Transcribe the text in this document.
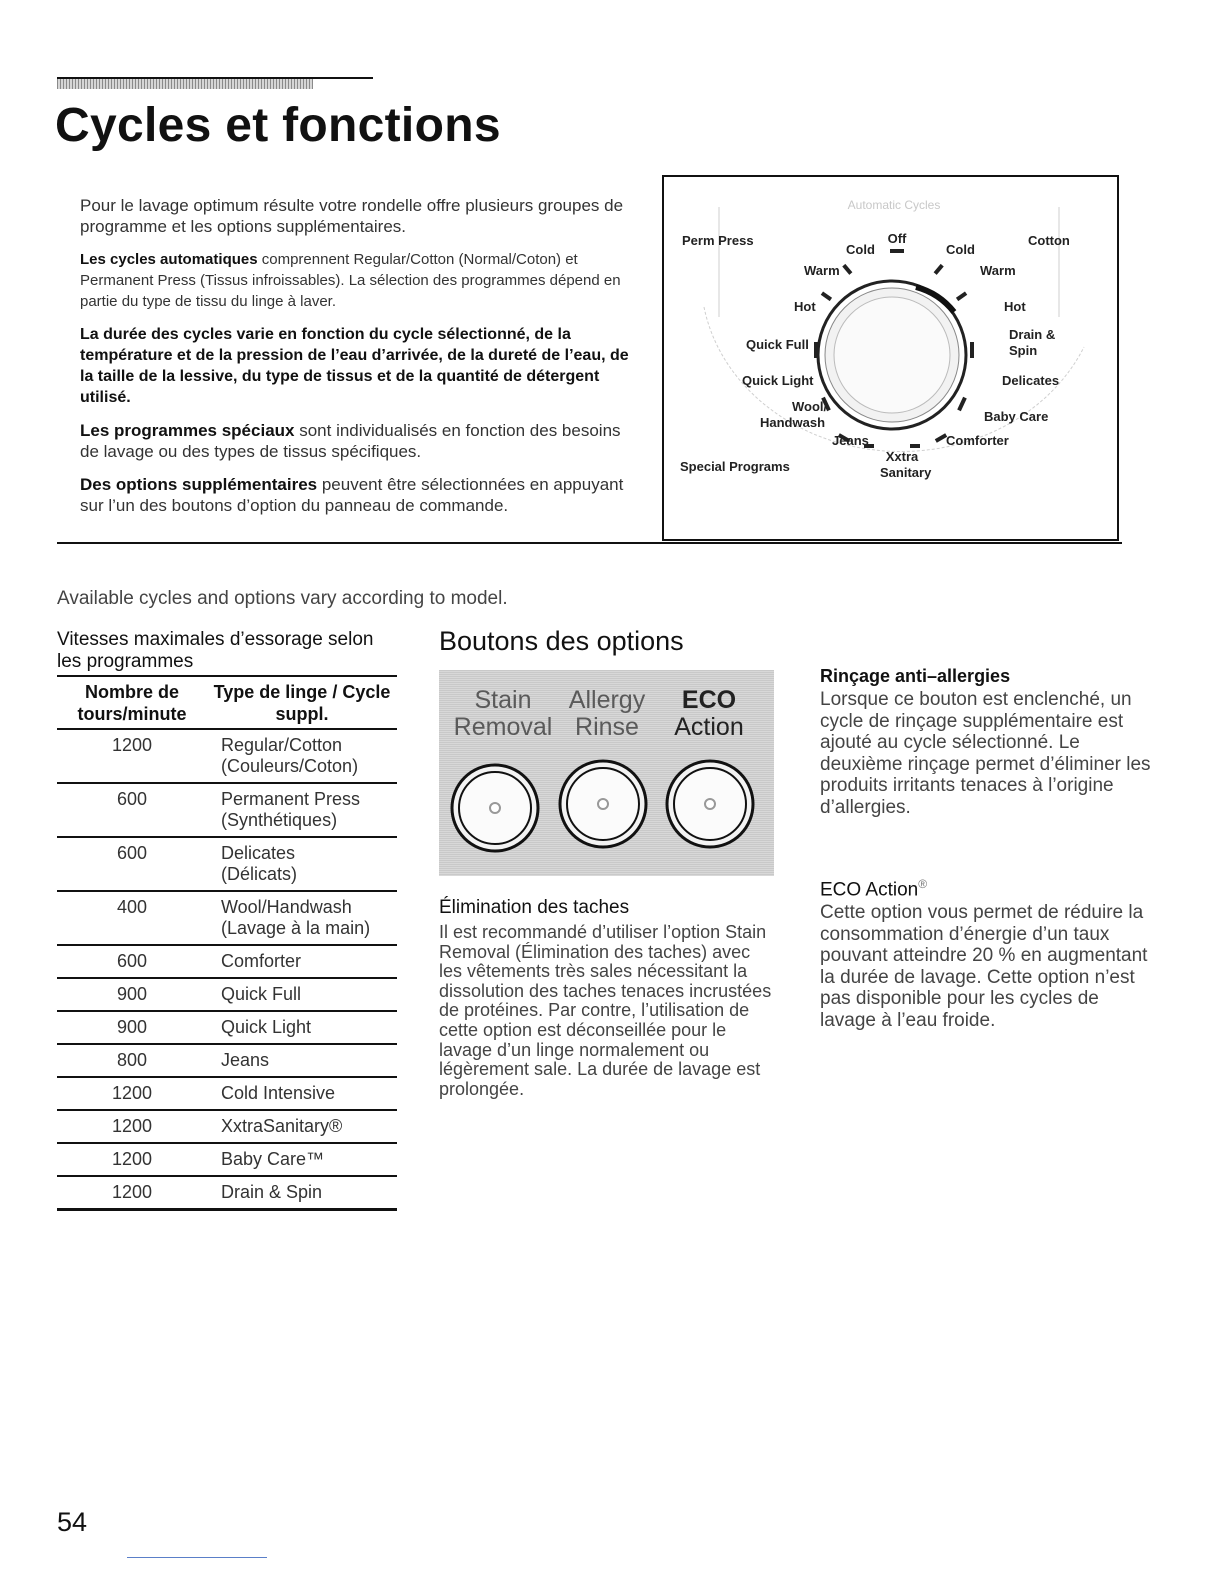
Cycles et fonctions

Pour le lavage optimum résulte votre rondelle offre plusieurs groupes de programme et les options supplémentaires.

Les cycles automatiques comprennent Regular/Cotton (Normal/Coton) et Permanent Press (Tissus infroissables). La sélection des programmes dépend en partie du type de tissu du linge à laver.

La durée des cycles varie en fonction du cycle sélectionné, de la température et de la pression de l’eau d’arrivée, de la dureté de l’eau, de la taille de la lessive, du type de tissus et de la quantité de détergent utilisé.

Les programmes spéciaux sont individualisés en fonction des besoins de lavage ou des types de tissus spécifiques.

Des options supplémentaires peuvent être sélectionnées en appuyant sur l’un des boutons d’option du panneau de commande.

Automatic Cycles
Perm Press	Cotton
Off
Cold	Cold
Warm	Warm
Hot	Hot
Quick Full
Drain &
Spin
Quick Light	Delicates
Wool/
Handwash	Baby Care
Jeans	Comforter
Xxtra
Sanitary
Special Programs
Available cycles and options vary according to model.
Vitesses maximales d’essorage selon les programmes
Nombre de tours/minute	Type de linge / Cycle suppl.
1200	Regular/Cotton
(Couleurs/Coton)

600	Permanent Press
(Synthétiques)

600	Delicates
(Délicats)

400	Wool/Handwash
(Lavage à la main)

600	Comforter
900	Quick Full
900	Quick Light
800	Jeans
1200	Cold Intensive
1200	XxtraSanitary®
1200	Baby Care™
1200	Drain & Spin
Boutons des options
Stain
Removal
Allergy
Rinse
ECO
Action
Élimination des taches
Il est recommandé d’utiliser l’option Stain Removal (Élimination des taches) avec les vêtements très sales nécessitant la dissolution des taches tenaces incrustées de protéines. Par contre, l’utilisation de cette option est déconseillée pour le lavage d’un linge normalement ou légèrement sale. La durée de lavage est prolongée.
Rinçage anti–allergies
Lorsque ce bouton est enclenché, un cycle de rinçage supplémentaire est ajouté au cycle sélectionné. Le deuxième rinçage permet d’éliminer les produits irritants tenaces à l’origine d’allergies.
ECO Action®
Cette option vous permet de réduire la consommation d’énergie d’un taux pouvant atteindre 20 % en augmentant la durée de lavage. Cette option n’est pas disponible pour les cycles de lavage à l’eau froide.
54
